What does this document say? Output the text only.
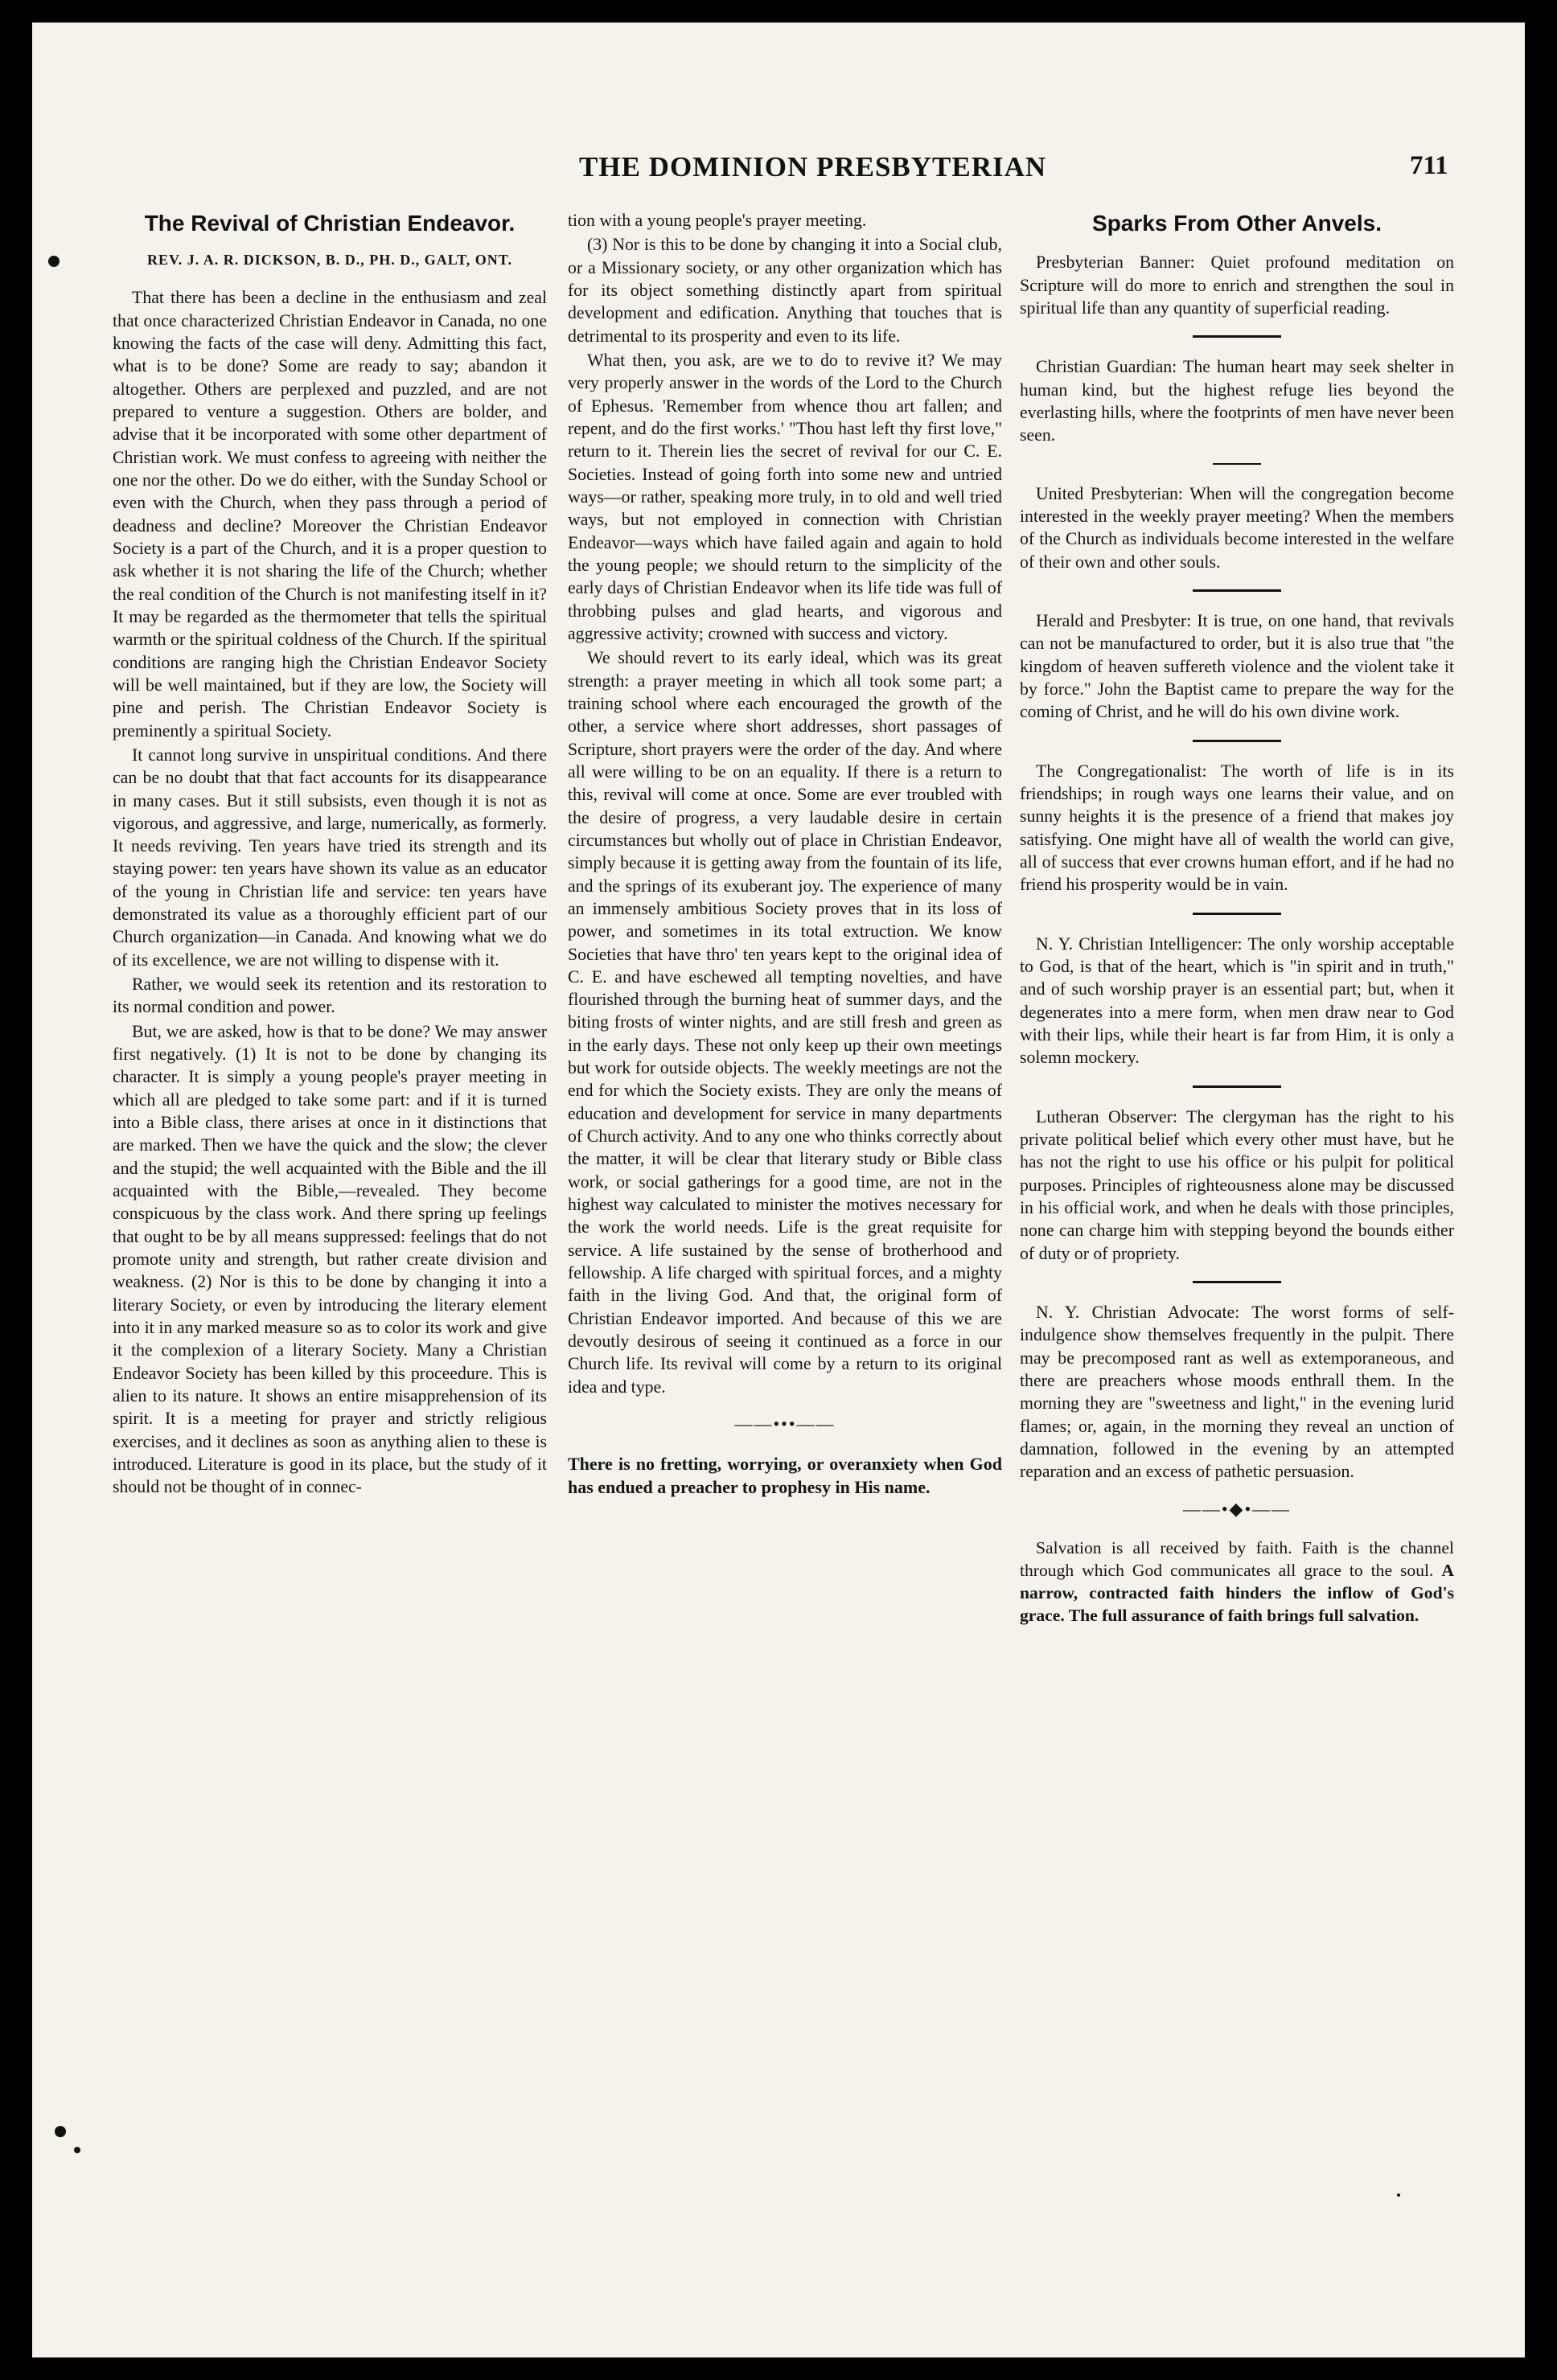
THE DOMINION PRESBYTERIAN	711
The Revival of Christian Endeavor.
REV. J. A. R. DICKSON, B. D., PH. D., GALT, ONT.

That there has been a decline in the enthusiasm and zeal that once characterized Christian Endeavor in Canada, no one knowing the facts of the case will deny. Admitting this fact, what is to be done? Some are ready to say; abandon it altogether. Others are perplexed and puzzled, and are not prepared to venture a suggestion. Others are bolder, and advise that it be incorporated with some other department of Christian work. We must confess to agreeing with neither the one nor the other. Do we do either, with the Sunday School or even with the Church, when they pass through a period of deadness and decline? Moreover the Christian Endeavor Society is a part of the Church, and it is a proper question to ask whether it is not sharing the life of the Church; whether the real condition of the Church is not manifesting itself in it? It may be regarded as the thermometer that tells the spiritual warmth or the spiritual coldness of the Church. If the spiritual conditions are ranging high the Christian Endeavor Society will be well maintained, but if they are low, the Society will pine and perish. The Christian Endeavor Society is preminently a spiritual Society.

It cannot long survive in unspiritual conditions. And there can be no doubt that that fact accounts for its disappearance in many cases. But it still subsists, even though it is not as vigorous, and aggressive, and large, numerically, as formerly. It needs reviving. Ten years have tried its strength and its staying power: ten years have shown its value as an educator of the young in Christian life and service: ten years have demonstrated its value as a thoroughly efficient part of our Church organization—in Canada. And knowing what we do of its excellence, we are not willing to dispense with it.

Rather, we would seek its retention and its restoration to its normal condition and power.

But, we are asked, how is that to be done? We may answer first negatively. (1) It is not to be done by changing its character. It is simply a young people's prayer meeting in which all are pledged to take some part: and if it is turned into a Bible class, there arises at once in it distinctions that are marked. Then we have the quick and the slow; the clever and the stupid; the well acquainted with the Bible and the ill acquainted with the Bible,—revealed. They become conspicuous by the class work. And there spring up feelings that ought to be by all means suppressed: feelings that do not promote unity and strength, but rather create division and weakness. (2) Nor is this to be done by changing it into a literary Society, or even by introducing the literary element into it in any marked measure so as to color its work and give it the complexion of a literary Society. Many a Christian Endeavor Society has been killed by this proceedure. This is alien to its nature. It shows an entire misapprehension of its spirit. It is a meeting for prayer and strictly religious exercises, and it declines as soon as anything alien to these is introduced. Literature is good in its place, but the study of it should not be thought of in connec-

tion with a young people's prayer meeting.

(3) Nor is this to be done by changing it into a Social club, or a Missionary society, or any other organization which has for its object something distinctly apart from spiritual development and edification. Anything that touches that is detrimental to its prosperity and even to its life.

What then, you ask, are we to do to revive it? We may very properly answer in the words of the Lord to the Church of Ephesus. 'Remember from whence thou art fallen; and repent, and do the first works.' "Thou hast left thy first love," return to it. Therein lies the secret of revival for our C. E. Societies. Instead of going forth into some new and untried ways—or rather, speaking more truly, in to old and well tried ways, but not employed in connection with Christian Endeavor—ways which have failed again and again to hold the young people; we should return to the simplicity of the early days of Christian Endeavor when its life tide was full of throbbing pulses and glad hearts, and vigorous and aggressive activity; crowned with success and victory.

We should revert to its early ideal, which was its great strength: a prayer meeting in which all took some part; a training school where each encouraged the growth of the other, a service where short addresses, short passages of Scripture, short prayers were the order of the day. And where all were willing to be on an equality. If there is a return to this, revival will come at once. Some are ever troubled with the desire of progress, a very laudable desire in certain circumstances but wholly out of place in Christian Endeavor, simply because it is getting away from the fountain of its life, and the springs of its exuberant joy. The experience of many an immensely ambitious Society proves that in its loss of power, and sometimes in its total extruction. We know Societies that have thro' ten years kept to the original idea of C. E. and have eschewed all tempting novelties, and have flourished through the burning heat of summer days, and the biting frosts of winter nights, and are still fresh and green as in the early days. These not only keep up their own meetings but work for outside objects. The weekly meetings are not the end for which the Society exists. They are only the means of education and development for service in many departments of Church activity. And to any one who thinks correctly about the matter, it will be clear that literary study or Bible class work, or social gatherings for a good time, are not in the highest way calculated to minister the motives necessary for the work the world needs. Life is the great requisite for service. A life sustained by the sense of brotherhood and fellowship. A life charged with spiritual forces, and a mighty faith in the living God. And that, the original form of Christian Endeavor imported. And because of this we are devoutly desirous of seeing it continued as a force in our Church life. Its revival will come by a return to its original idea and type.

——•••——
There is no fretting, worrying, or overanxiety when God has endued a preacher to prophesy in His name.
Sparks From Other Anvels.

Presbyterian Banner: Quiet profound meditation on Scripture will do more to enrich and strengthen the soul in spiritual life than any quantity of superficial reading.

Christian Guardian: The human heart may seek shelter in human kind, but the highest refuge lies beyond the everlasting hills, where the footprints of men have never been seen.

United Presbyterian: When will the congregation become interested in the weekly prayer meeting? When the members of the Church as individuals become interested in the welfare of their own and other souls.

Herald and Presbyter: It is true, on one hand, that revivals can not be manufactured to order, but it is also true that "the kingdom of heaven suffereth violence and the violent take it by force." John the Baptist came to prepare the way for the coming of Christ, and he will do his own divine work.

The Congregationalist: The worth of life is in its friendships; in rough ways one learns their value, and on sunny heights it is the presence of a friend that makes joy satisfying. One might have all of wealth the world can give, all of success that ever crowns human effort, and if he had no friend his prosperity would be in vain.

N. Y. Christian Intelligencer: The only worship acceptable to God, is that of the heart, which is "in spirit and in truth," and of such worship prayer is an essential part; but, when it degenerates into a mere form, when men draw near to God with their lips, while their heart is far from Him, it is only a solemn mockery.

Lutheran Observer: The clergyman has the right to his private political belief which every other must have, but he has not the right to use his office or his pulpit for political purposes. Principles of righteousness alone may be discussed in his official work, and when he deals with those principles, none can charge him with stepping beyond the bounds either of duty or of propriety.

N. Y. Christian Advocate: The worst forms of self-indulgence show themselves frequently in the pulpit. There may be precomposed rant as well as extemporaneous, and there are preachers whose moods enthrall them. In the morning they are "sweetness and light," in the evening lurid flames; or, again, in the morning they reveal an unction of damnation, followed in the evening by an attempted reparation and an excess of pathetic persuasion.

——•◆•——

Salvation is all received by faith. Faith is the channel through which God communicates all grace to the soul. A narrow, contracted faith hinders the inflow of God's grace. The full assurance of faith brings full salvation.
